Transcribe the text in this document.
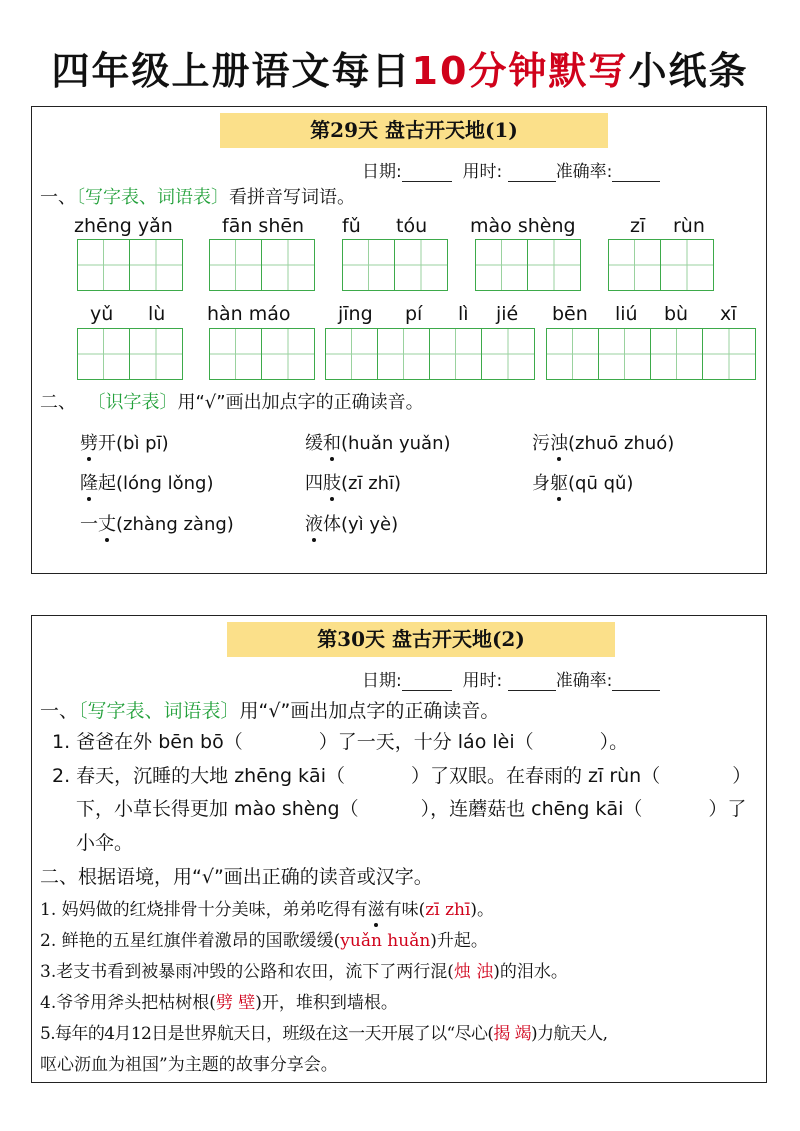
四年级上册语文每日10分钟默写小纸条
第29天 盘古开天地(1)
日期:	用时:	准确率:
一、〔写字表、词语表〕看拼音写词语。
zhēng yǎn	fān shēn fǔ tóu mào shèng	zī rùn
yǔ lù hàn máo jīng pí lì jié bēn liú bù xī
二、 〔识字表〕用“√”画出加点字的正确读音。
劈开(bì pī)	缓和(huǎn yuǎn)	污浊(zhuō zhuó)
隆起(lóng lǒng)	四肢(zī zhī)	身躯(qū qǔ)
一丈(zhàng zàng)	液体(yì yè)
第30天 盘古开天地(2)
日期:	用时:	准确率:
一、〔写字表、词语表〕用“√”画出加点字的正确读音。
1. 爸爸在外 bēn bō（	）了一天，十分 láo lèi（	）。
2. 春天，沉睡的大地 zhēng kāi（	）了双眼。在春雨的 zī rùn（	）
下，小草长得更加 mào shèng（	），连蘑菇也 chēng kāi（	）了
小伞。
二、根据语境，用“√”画出正确的读音或汉字。
1. 妈妈做的红烧排骨十分美味，弟弟吃得有滋有味(zī zhī)。
2. 鲜艳的五星红旗伴着激昂的国歌缓缓(yuǎn huǎn)升起。
3.老支书看到被暴雨冲毁的公路和农田，流下了两行混(烛 浊)的泪水。
4.爷爷用斧头把枯树根(劈 壁)开，堆积到墙根。
5.每年的4月12日是世界航天日，班级在这一天开展了以“尽心(揭 竭)力航天人,
呕心沥血为祖国”为主题的故事分享会。
